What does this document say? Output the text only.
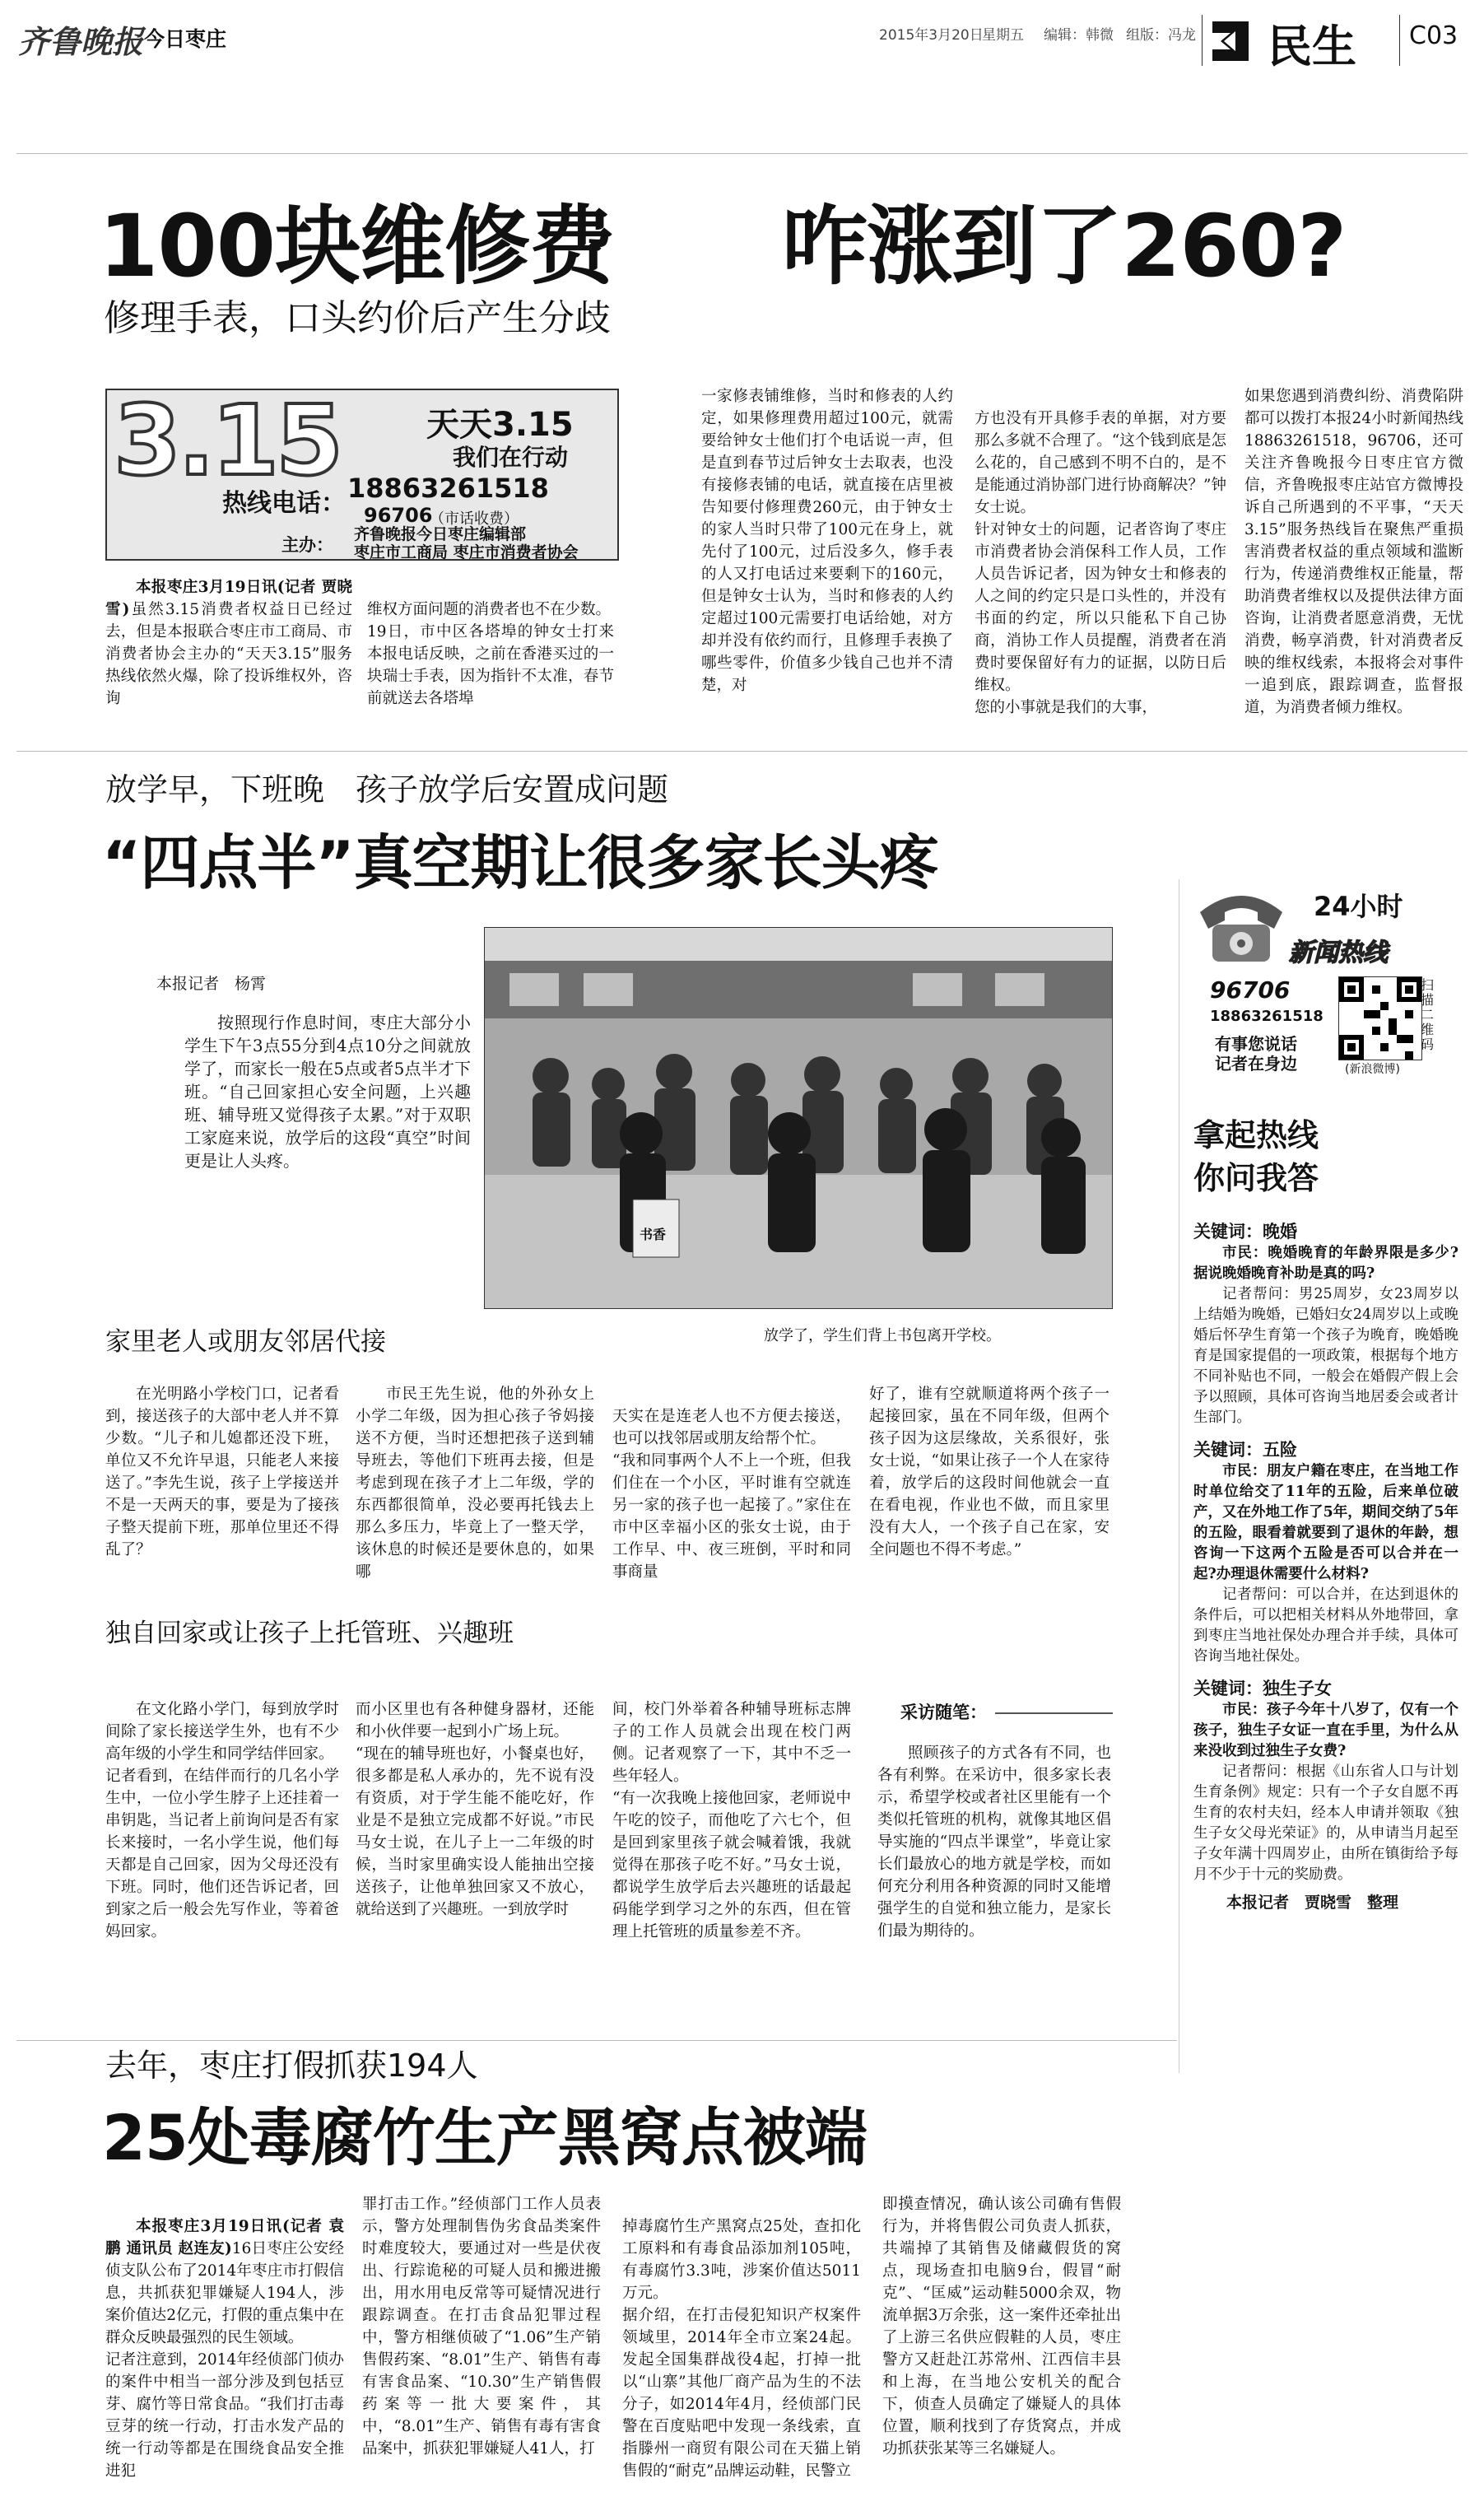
齐鲁晚报 今日枣庄	2015年3月20日
星期五 编辑：韩微 组版：冯龙 民生 C03
100块维修费 咋涨到了260?
修理手表，口头约价后产生分歧
3.15	天天3.15
我们在行动
热线电话： 18863261518
96706
（市话收费）
主办：
齐鲁晚报今日枣庄编辑部
枣庄市工商局 枣庄市消费者协会

本报枣庄3月19日讯(记者 贾晓雪)虽然3.15消费者权益日已经过去，但是本报联合枣庄市工商局、市消费者协会主办的“天天3.15”服务热线依然火爆，除了投诉维权外，咨询

维权方面问题的消费者也不在少数。
19日，市中区各塔埠的钟女士打来本报电话反映，之前在香港买过的一块瑞士手表，因为指针不太准，春节前就送去各塔埠

一家修表铺维修，当时和修表的人约定，如果修理费用超过100元，就需要给钟女士他们打个电话说一声，但是直到春节过后钟女士去取表，也没有接修表铺的电话，就直接在店里被告知要付修理费260元，由于钟女士的家人当时只带了100元在身上，就先付了100元，过后没多久，修手表的人又打电话过来要剩下的160元，但是钟女士认为，当时和修表的人约定超过100元需要打电话给她，对方却并没有依约而行，且修理手表换了哪些零件，价值多少钱自己也并不清楚，对

方也没有开具修手表的单据，对方要那么多就不合理了。“这个钱到底是怎么花的，自己感到不明不白的，是不是能通过消协部门进行协商解决？”钟女士说。
针对钟女士的问题，记者咨询了枣庄市消费者协会消保科工作人员，工作人员告诉记者，因为钟女士和修表的人之间的约定只是口头性的，并没有书面的约定，所以只能私下自己协商，消协工作人员提醒，消费者在消费时要保留好有力的证据，以防日后维权。
您的小事就是我们的大事，

如果您遇到消费纠纷、消费陷阱都可以拨打本报24小时新闻热线18863261518，96706，还可关注齐鲁晚报今日枣庄官方微信，齐鲁晚报枣庄站官方微博投诉自己所遇到的不平事，“天天3.15”服务热线旨在聚焦严重损害消费者权益的重点领域和滥断行为，传递消费维权正能量，帮助消费者维权以及提供法律方面咨询，让消费者愿意消费，无忧消费，畅享消费，针对消费者反映的维权线索，本报将会对事件一追到底，跟踪调查，监督报道，为消费者倾力维权。

放学早，下班晚　孩子放学后安置成问题
“四点半”真空期让很多家长头疼
本报记者　杨霄

按照现行作息时间，枣庄大部分小学生下午3点55分到4点10分之间就放学了，而家长一般在5点或者5点半才下班。“自己回家担心安全问题，上兴趣班、辅导班又觉得孩子太累。”对于双职工家庭来说，放学后的这段“真空”时间更是让人头疼。

书香
放学了，学生们背上书包离开学校。
家里老人或朋友邻居代接

在光明路小学校门口，记者看到，接送孩子的大部中老人并不算少数。“儿子和儿媳都还没下班，单位又不允许早退，只能老人来接送了。”李先生说，孩子上学接送并不是一天两天的事，要是为了接孩子整天提前下班，那单位里还不得乱了？

市民王先生说，他的外孙女上小学二年级，因为担心孩子爷妈接送不方便，当时还想把孩子送到辅导班去，等他们下班再去接，但是考虑到现在孩子才上二年级，学的东西都很简单，没必要再托钱去上那么多压力，毕竟上了一整天学，该休息的时候还是要休息的，如果哪

天实在是连老人也不方便去接送，也可以找邻居或朋友给帮个忙。
“我和同事两个人不上一个班，但我们住在一个小区，平时谁有空就连另一家的孩子也一起接了。”家住在市中区幸福小区的张女士说，由于工作早、中、夜三班倒，平时和同事商量

好了，谁有空就顺道将两个孩子一起接回家，虽在不同年级，但两个孩子因为这层缘故，关系很好，张女士说，“如果让孩子一个人在家待着，放学后的这段时间他就会一直在看电视，作业也不做，而且家里没有大人，一个孩子自己在家，安全问题也不得不考虑。”

独自回家或让孩子上托管班、兴趣班

在文化路小学门，每到放学时间除了家长接送学生外，也有不少高年级的小学生和同学结伴回家。
记者看到，在结伴而行的几名小学生中，一位小学生脖子上还挂着一串钥匙，当记者上前询问是否有家长来接时，一名小学生说，他们每天都是自己回家，因为父母还没有下班。同时，他们还告诉记者，回到家之后一般会先写作业，等着爸妈回家。

而小区里也有各种健身器材，还能和小伙伴要一起到小广场上玩。
“现在的辅导班也好，小餐桌也好，很多都是私人承办的，先不说有没有资质，对于学生能不能吃好，作业是不是独立完成都不好说。”市民马女士说，在儿子上一二年级的时候，当时家里确实设人能抽出空接送孩子，让他单独回家又不放心，就给送到了兴趣班。一到放学时

间，校门外举着各种辅导班标志牌子的工作人员就会出现在校门两侧。记者观察了一下，其中不乏一些年轻人。
“有一次我晚上接他回家，老师说中午吃的饺子，而他吃了六七个，但是回到家里孩子就会喊着饿，我就觉得在那孩子吃不好。”马女士说，都说学生放学后去兴趣班的话最起码能学到学习之外的东西，但在管理上托管班的质量参差不齐。

采访随笔：

照顾孩子的方式各有不同，也各有利弊。在采访中，很多家长表示，希望学校或者社区里能有一个类似托管班的机构，就像其地区倡导实施的“四点半课堂”，毕竟让家长们最放心的地方就是学校，而如何充分利用各种资源的同时又能增强学生的自觉和独立能力，是家长们最为期待的。

24小时
新闻热线
96706
18863261518
有事您说话
记者在身边
扫描二维码
(新浪微博)
拿起热线
你问我答
关键词：晚婚
市民：晚婚晚育的年龄界限是多少?据说晚婚晚育补助是真的吗?
记者帮问：男25周岁，女23周岁以上结婚为晚婚，已婚妇女24周岁以上或晚婚后怀孕生育第一个孩子为晚育，晚婚晚育是国家提倡的一项政策，根据每个地方不同补贴也不同，一般会在婚假产假上会予以照顾，具体可咨询当地居委会或者计生部门。
关键词：五险
市民：朋友户籍在枣庄，在当地工作时单位给交了11年的五险，后来单位破产，又在外地工作了5年，期间交纳了5年的五险，眼看着就要到了退休的年龄，想咨询一下这两个五险是否可以合并在一起?办理退休需要什么材料?
记者帮问：可以合并，在达到退休的条件后，可以把相关材料从外地带回，拿到枣庄当地社保处办理合并手续，具体可咨询当地社保处。
关键词：独生子女
市民：孩子今年十八岁了，仅有一个孩子，独生子女证一直在手里，为什么从来没收到过独生子女费?
记者帮问：根据《山东省人口与计划生育条例》规定：只有一个子女自愿不再生育的农村夫妇，经本人申请并领取《独生子女父母光荣证》的，从申请当月起至子女年满十四周岁止，由所在镇街给予每月不少于十元的奖励费。
本报记者　贾晓雪　整理
去年，枣庄打假抓获194人
25处毒腐竹生产黑窝点被端

本报枣庄3月19日讯(记者 袁鹏 通讯员 赵连友)16日枣庄公安经侦支队公布了2014年枣庄市打假信息，共抓获犯罪嫌疑人194人，涉案价值达2亿元，打假的重点集中在群众反映最强烈的民生领域。
记者注意到，2014年经侦部门侦办的案件中相当一部分涉及到包括豆芽、腐竹等日常食品。“我们打击毒豆芽的统一行动，打击水发产品的统一行动等都是在围绕食品安全推进犯

罪打击工作。”经侦部门工作人员表示，警方处理制售伪劣食品类案件时难度较大，要通过对一些是伏夜出、行踪诡秘的可疑人员和搬进搬出，用水用电反常等可疑情况进行跟踪调查。在打击食品犯罪过程中，警方相继侦破了“1.06”生产销售假药案、“8.01”生产、销售有毒有害食品案、“10.30”生产销售假药案等一批大要案件，其中，“8.01”生产、销售有毒有害食品案中，抓获犯罪嫌疑人41人，打

掉毒腐竹生产黑窝点25处，查扣化工原料和有毒食品添加剂105吨，有毒腐竹3.3吨，涉案价值达5011万元。
据介绍，在打击侵犯知识产权案件领域里，2014年全市立案24起。发起全国集群战役4起，打掉一批以“山寨”其他厂商产品为生的不法分子，如2014年4月，经侦部门民警在百度贴吧中发现一条线索，直指滕州一商贸有限公司在天猫上销售假的“耐克”品牌运动鞋，民警立

即摸查情况，确认该公司确有售假行为，并将售假公司负责人抓获，共端掉了其销售及储藏假货的窝点，现场查扣电脑9台，假冒“耐克”、“匡威”运动鞋5000余双，物流单据3万余张，这一案件还牵扯出了上游三名供应假鞋的人员，枣庄警方又赶赴江苏常州、江西信丰县和上海，在当地公安机关的配合下，侦查人员确定了嫌疑人的具体位置，顺利找到了存货窝点，并成功抓获张某等三名嫌疑人。
